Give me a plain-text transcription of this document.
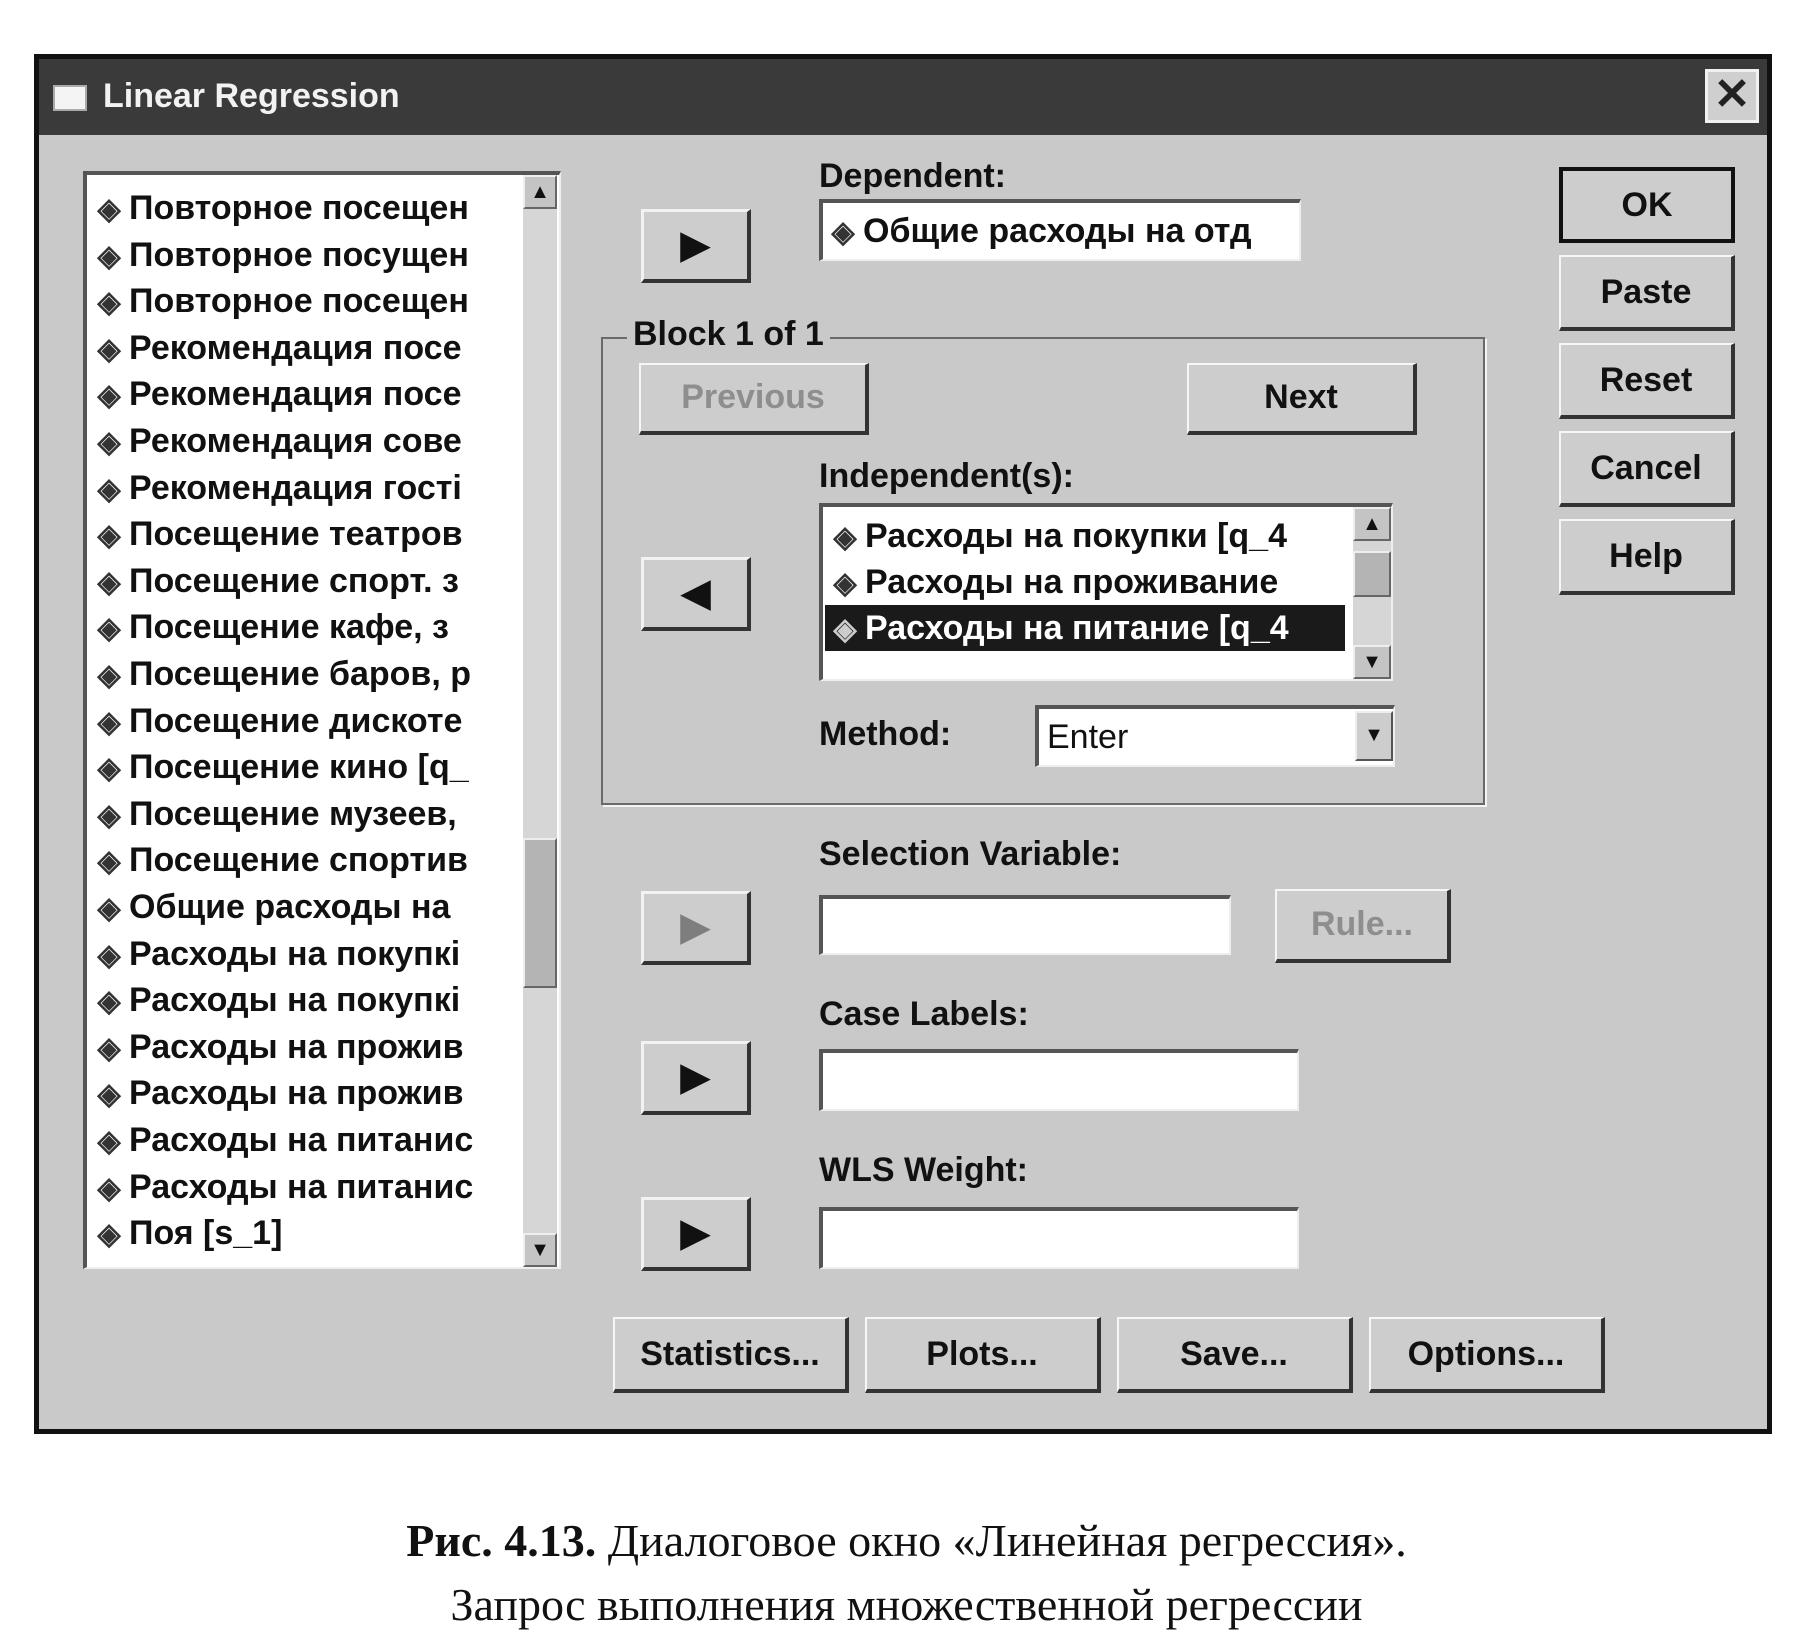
Linear Regression	✕
◈ Повторное посещен
◈ Повторное посущен
◈ Повторное посещен
◈ Рекомендация посе
◈ Рекомендация посе
◈ Рекомендация сове
◈ Рекомендация гості
◈ Посещение театров
◈ Посещение спорт. з
◈ Посещение кафе, з
◈ Посещение баров, р
◈ Посещение дискоте
◈ Посещение кино [q_
◈ Посещение музеев,
◈ Посещение спортив
◈ Общие расходы на
◈ Расходы на покупкі
◈ Расходы на покупкі
◈ Расходы на прожив
◈ Расходы на прожив
◈ Расходы на питанис
◈ Расходы на питанис
◈ Поя [s_1]
▲
▼
▶
Dependent:
◈ Общие расходы на отд
Block 1 of 1
Previous	Next
◀
Independent(s):
◈ Расходы на покупки [q_4
◈ Расходы на проживание
◈ Расходы на питание [q_4
▲
▼
Method:	Enter	▼
Selection Variable:
▶	Rule...
Case Labels:
▶
WLS Weight:
▶
OK
Paste
Reset
Cancel
Help
Statistics...	Plots...	Save...	Options...
Рис. 4.13. Диалоговое окно «Линейная регрессия».
Запрос выполнения множественной регрессии
